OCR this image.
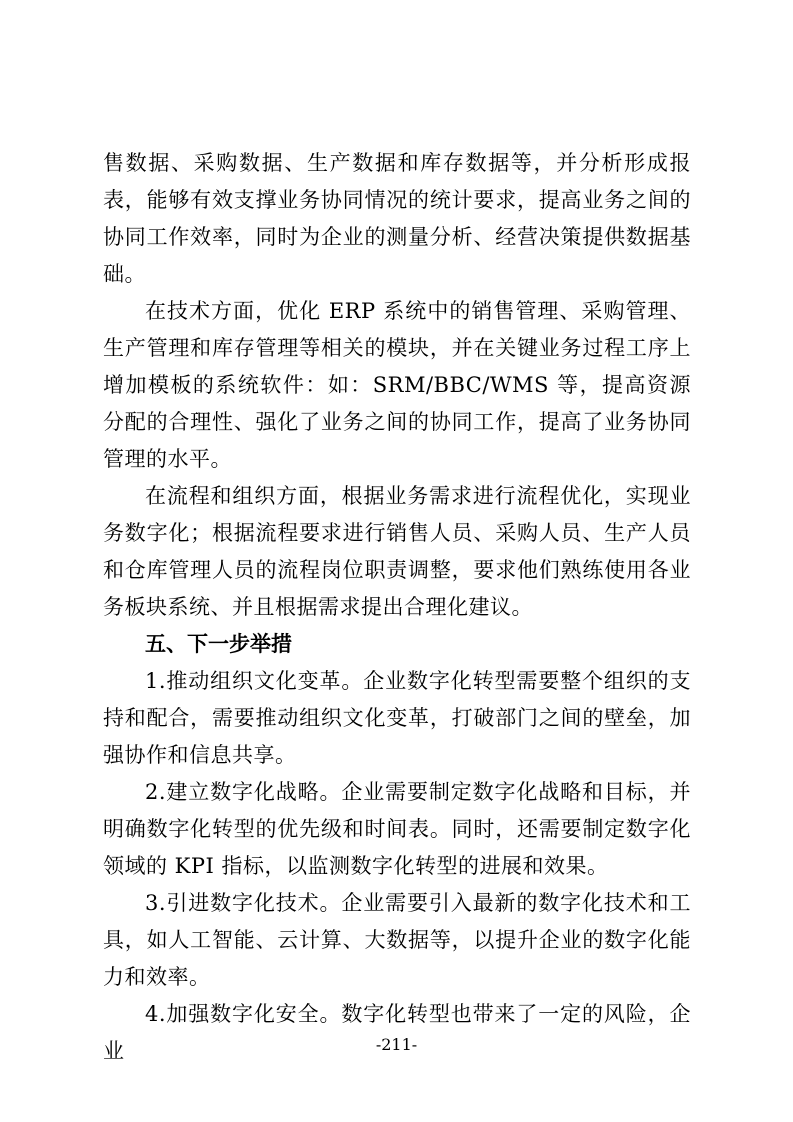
售数据、采购数据、生产数据和库存数据等，并分析形成报表，能够有效支撑业务协同情况的统计要求，提高业务之间的协同工作效率，同时为企业的测量分析、经营决策提供数据基础。

在技术方面，优化 ERP 系统中的销售管理、采购管理、生产管理和库存管理等相关的模块，并在关键业务过程工序上增加模板的系统软件：如：SRM/BBC/WMS 等，提高资源分配的合理性、强化了业务之间的协同工作，提高了业务协同管理的水平。

在流程和组织方面，根据业务需求进行流程优化，实现业务数字化；根据流程要求进行销售人员、采购人员、生产人员和仓库管理人员的流程岗位职责调整，要求他们熟练使用各业务板块系统、并且根据需求提出合理化建议。

五、下一步举措

1.推动组织文化变革。企业数字化转型需要整个组织的支持和配合，需要推动组织文化变革，打破部门之间的壁垒，加强协作和信息共享。

2.建立数字化战略。企业需要制定数字化战略和目标，并明确数字化转型的优先级和时间表。同时，还需要制定数字化领域的 KPI 指标，以监测数字化转型的进展和效果。

3.引进数字化技术。企业需要引入最新的数字化技术和工具，如人工智能、云计算、大数据等，以提升企业的数字化能力和效率。

4.加强数字化安全。数字化转型也带来了一定的风险，企业	-211-
